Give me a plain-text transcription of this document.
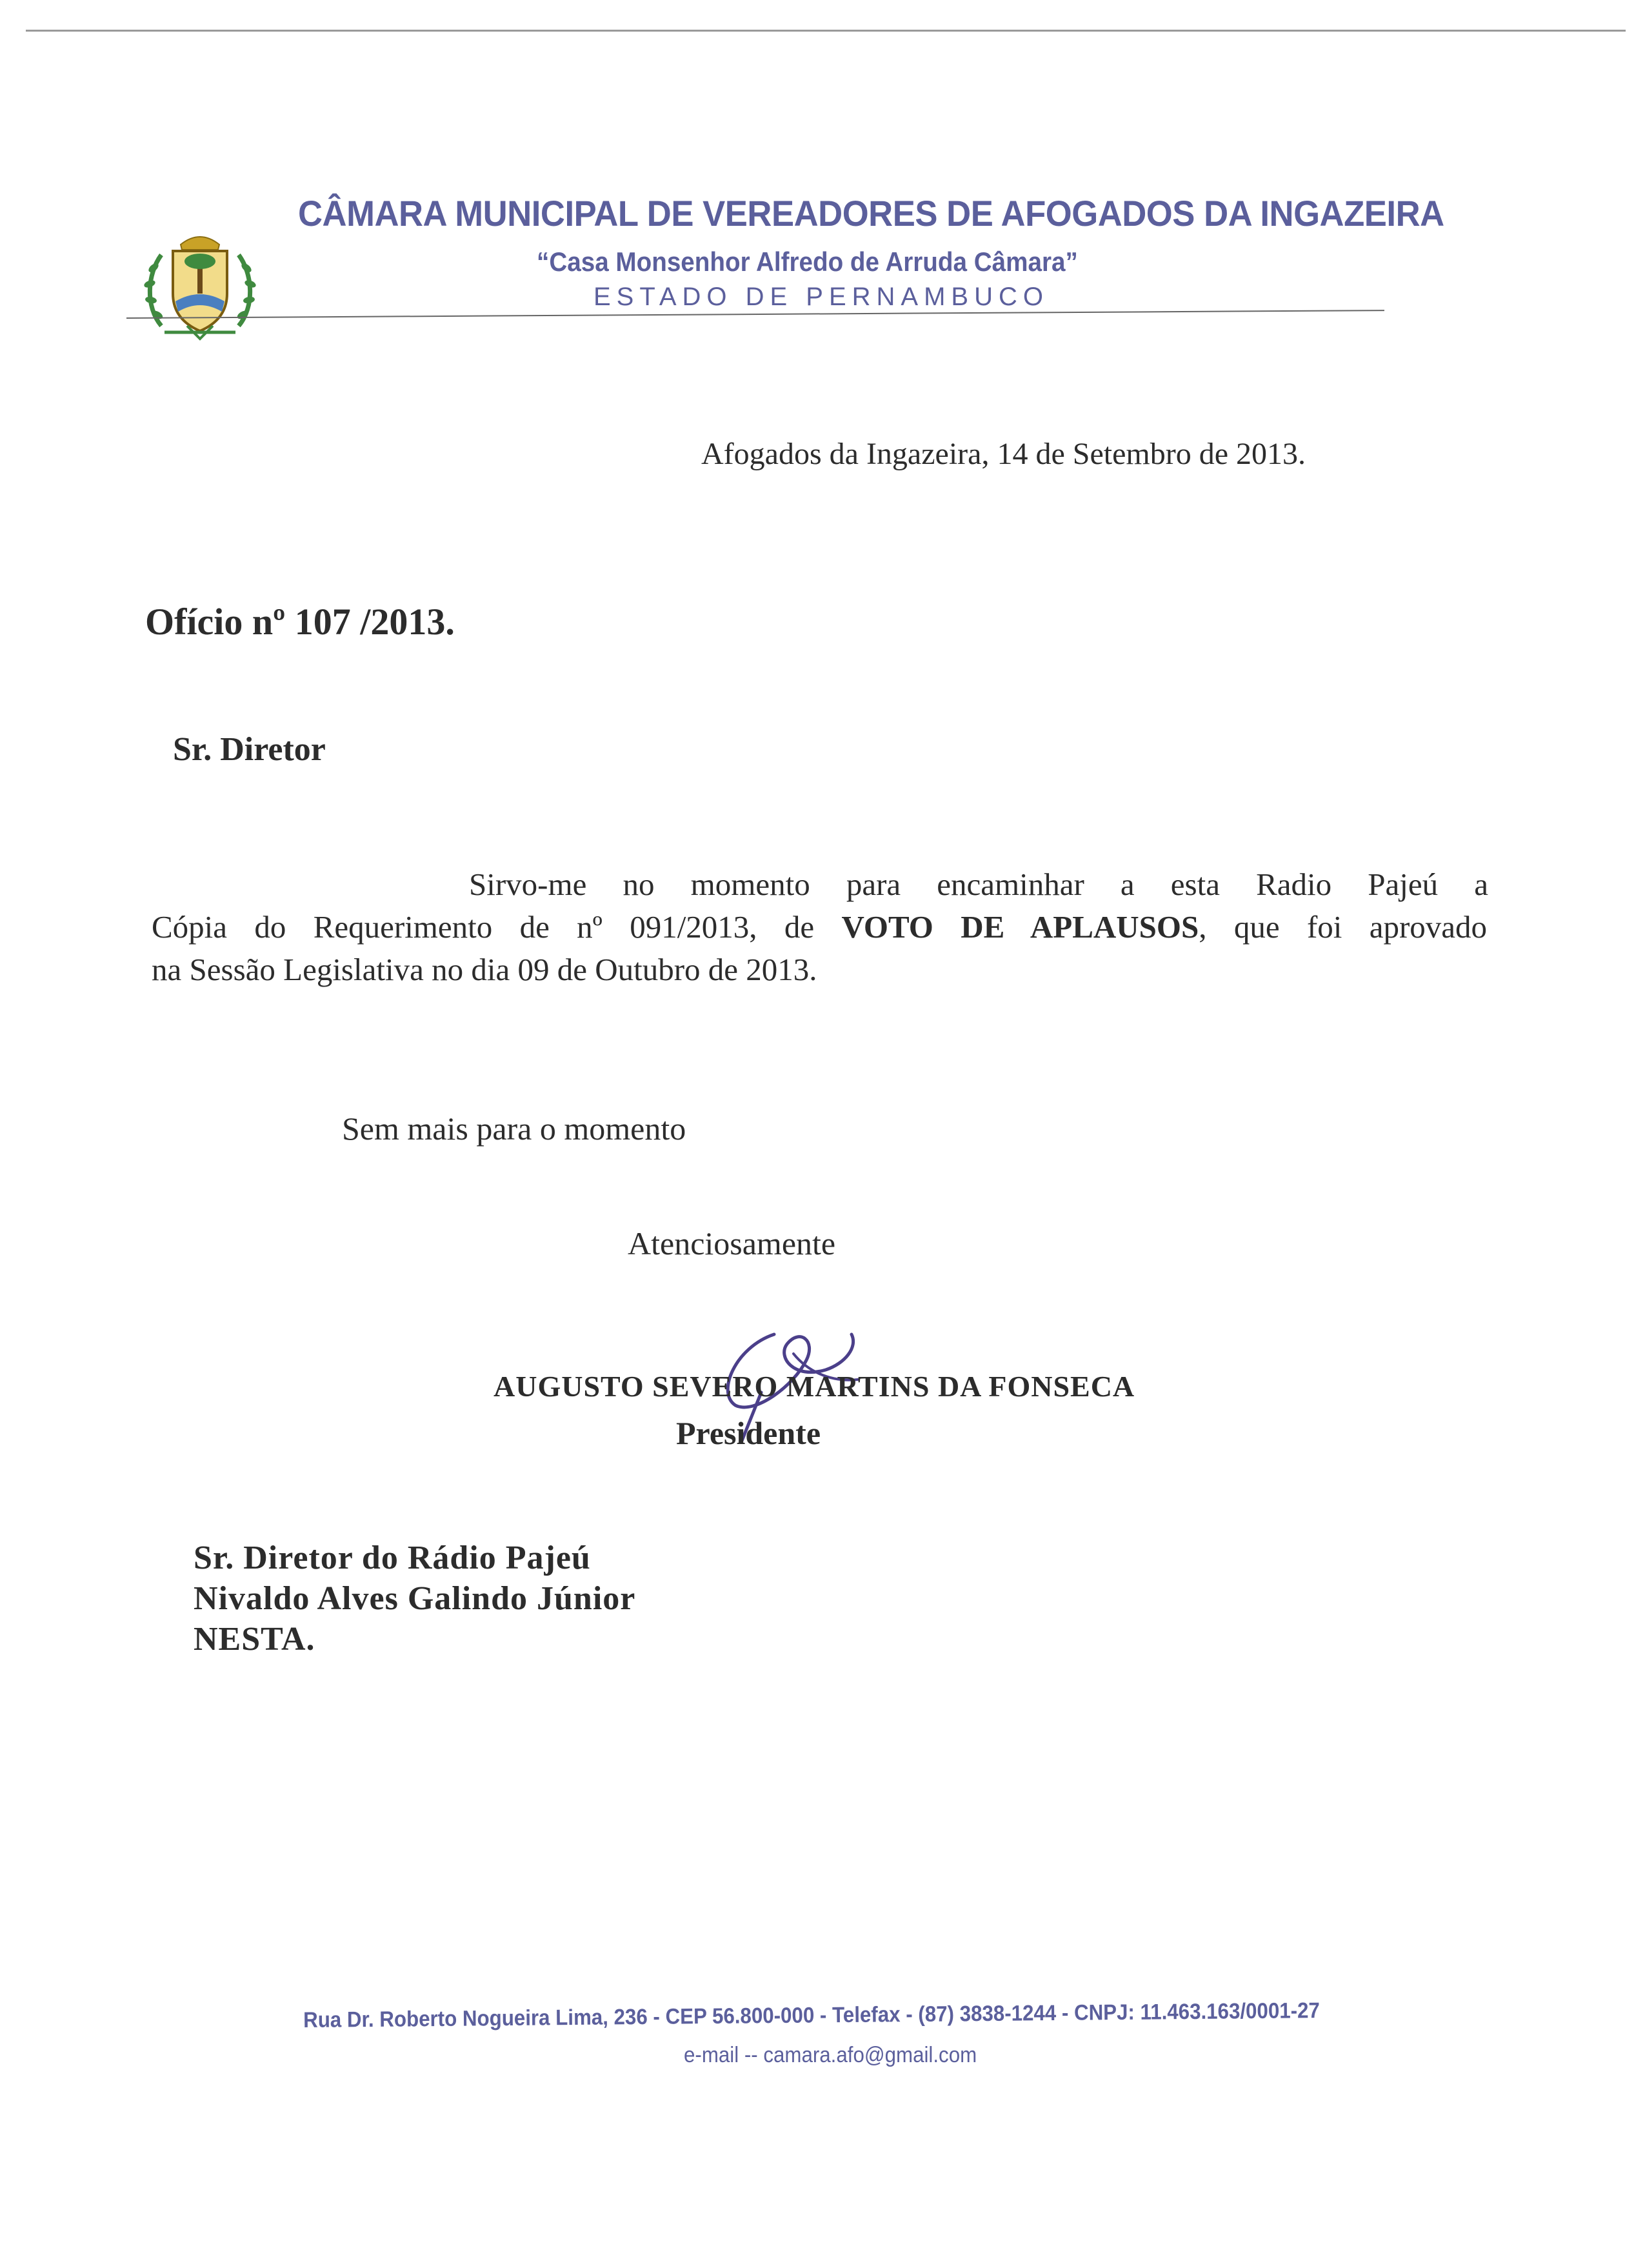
CÂMARA MUNICIPAL DE VEREADORES DE AFOGADOS DA INGAZEIRA
“Casa Monsenhor Alfredo de Arruda Câmara”
ESTADO DE PERNAMBUCO
Afogados da Ingazeira, 14 de Setembro de 2013.
Ofício nº 107 /2013.
Sr. Diretor
Sirvo-me no momento para encaminhar a esta Radio Pajeú a
Cópia do Requerimento de nº 091/2013, de VOTO DE APLAUSOS, que foi aprovado
na Sessão Legislativa no dia 09 de Outubro de 2013.
Sem mais para o momento
Atenciosamente
AUGUSTO SEVERO MARTINS DA FONSECA
Presidente
Sr. Diretor do Rádio Pajeú
Nivaldo Alves Galindo Júnior
NESTA.
Rua Dr. Roberto Nogueira Lima, 236 - CEP 56.800-000 - Telefax - (87) 3838-1244 - CNPJ: 11.463.163/0001-27
e-mail -- camara.afo@gmail.com
